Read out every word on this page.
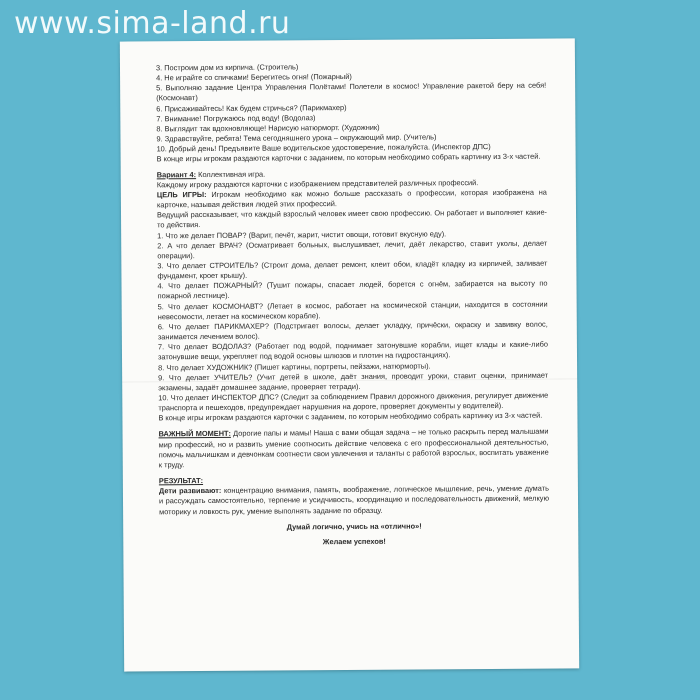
www.sima-land.ru

3. Построим дом из кирпича. (Строитель)

4. Не играйте со спичками! Берегитесь огня! (Пожарный)

5. Выполняю задание Центра Управления Полётами! Полетели в космос! Управление ракетой беру на себя! (Космонавт)

6. Присаживайтесь! Как будем стричься? (Парикмахер)

7. Внимание! Погружаюсь под воду! (Водолаз)

8. Выглядит так вдохновляюще! Нарисую натюрморт. (Художник)

9. Здравствуйте, ребята! Тема сегодняшнего урока – окружающий мир. (Учитель)

10. Добрый день! Предъявите Ваше водительское удостоверение, пожалуйста. (Инспектор ДПС)

В конце игры игрокам раздаются карточки с заданием, по которым необходимо собрать картинку из 3-х частей.

Вариант 4: Коллективная игра.

Каждому игроку раздаются карточки с изображением представителей различных профессий.

ЦЕЛЬ ИГРЫ: Игрокам необходимо как можно больше рассказать о профессии, которая изображена на карточке, называя действия людей этих профессий.

Ведущий рассказывает, что каждый взрослый человек имеет свою профессию. Он работает и выполняет какие-то действия.

1. Что же делает ПОВАР? (Варит, печёт, жарит, чистит овощи, готовит вкусную еду).

2. А что делает ВРАЧ? (Осматривает больных, выслушивает, лечит, даёт лекарство, ставит уколы, делает операции).

3. Что делает СТРОИТЕЛЬ? (Строит дома, делает ремонт, клеит обои, кладёт кладку из кирпичей, заливает фундамент, кроет крышу).

4. Что делает ПОЖАРНЫЙ? (Тушит пожары, спасает людей, борется с огнём, забирается на высоту по пожарной лестнице).

5. Что делает КОСМОНАВТ? (Летает в космос, работает на космической станции, находится в состоянии невесомости, летает на космическом корабле).

6. Что делает ПАРИКМАХЕР? (Подстригает волосы, делает укладку, причёски, окраску и завивку волос, занимается лечением волос).

7. Что делает ВОДОЛАЗ? (Работает под водой, поднимает затонувшие корабли, ищет клады и какие-либо затонувшие вещи, укрепляет под водой основы шлюзов и плотин на гидростанциях).

8. Что делает ХУДОЖНИК? (Пишет картины, портреты, пейзажи, натюрморты).

9. Что делает УЧИТЕЛЬ? (Учит детей в школе, даёт знания, проводит уроки, ставит оценки, принимает экзамены, задаёт домашнее задание, проверяет тетради).

10. Что делает ИНСПЕКТОР ДПС? (Следит за соблюдением Правил дорожного движения, регулирует движение транспорта и пешеходов, предупреждает нарушения на дороге, проверяет документы у водителей).

В конце игры игрокам раздаются карточки с заданием, по которым необходимо собрать картинку из 3-х частей.

ВАЖНЫЙ МОМЕНТ: Дорогие папы и мамы! Наша с вами общая задача – не только раскрыть перед малышами мир профессий, но и развить умение соотносить действие человека с его профессиональной деятельностью, помочь мальчишкам и девчонкам соотнести свои увлечения и таланты с работой взрослых, воспитать уважение к труду.

РЕЗУЛЬТАТ:

Дети развивают: концентрацию внимания, память, воображение, логическое мышление, речь, умение думать и рассуждать самостоятельно, терпение и усидчивость, координацию и последовательность движений, мелкую моторику и ловкость рук, умение выполнять задание по образцу.

Думай логично, учись на «отлично»!

Желаем успехов!
